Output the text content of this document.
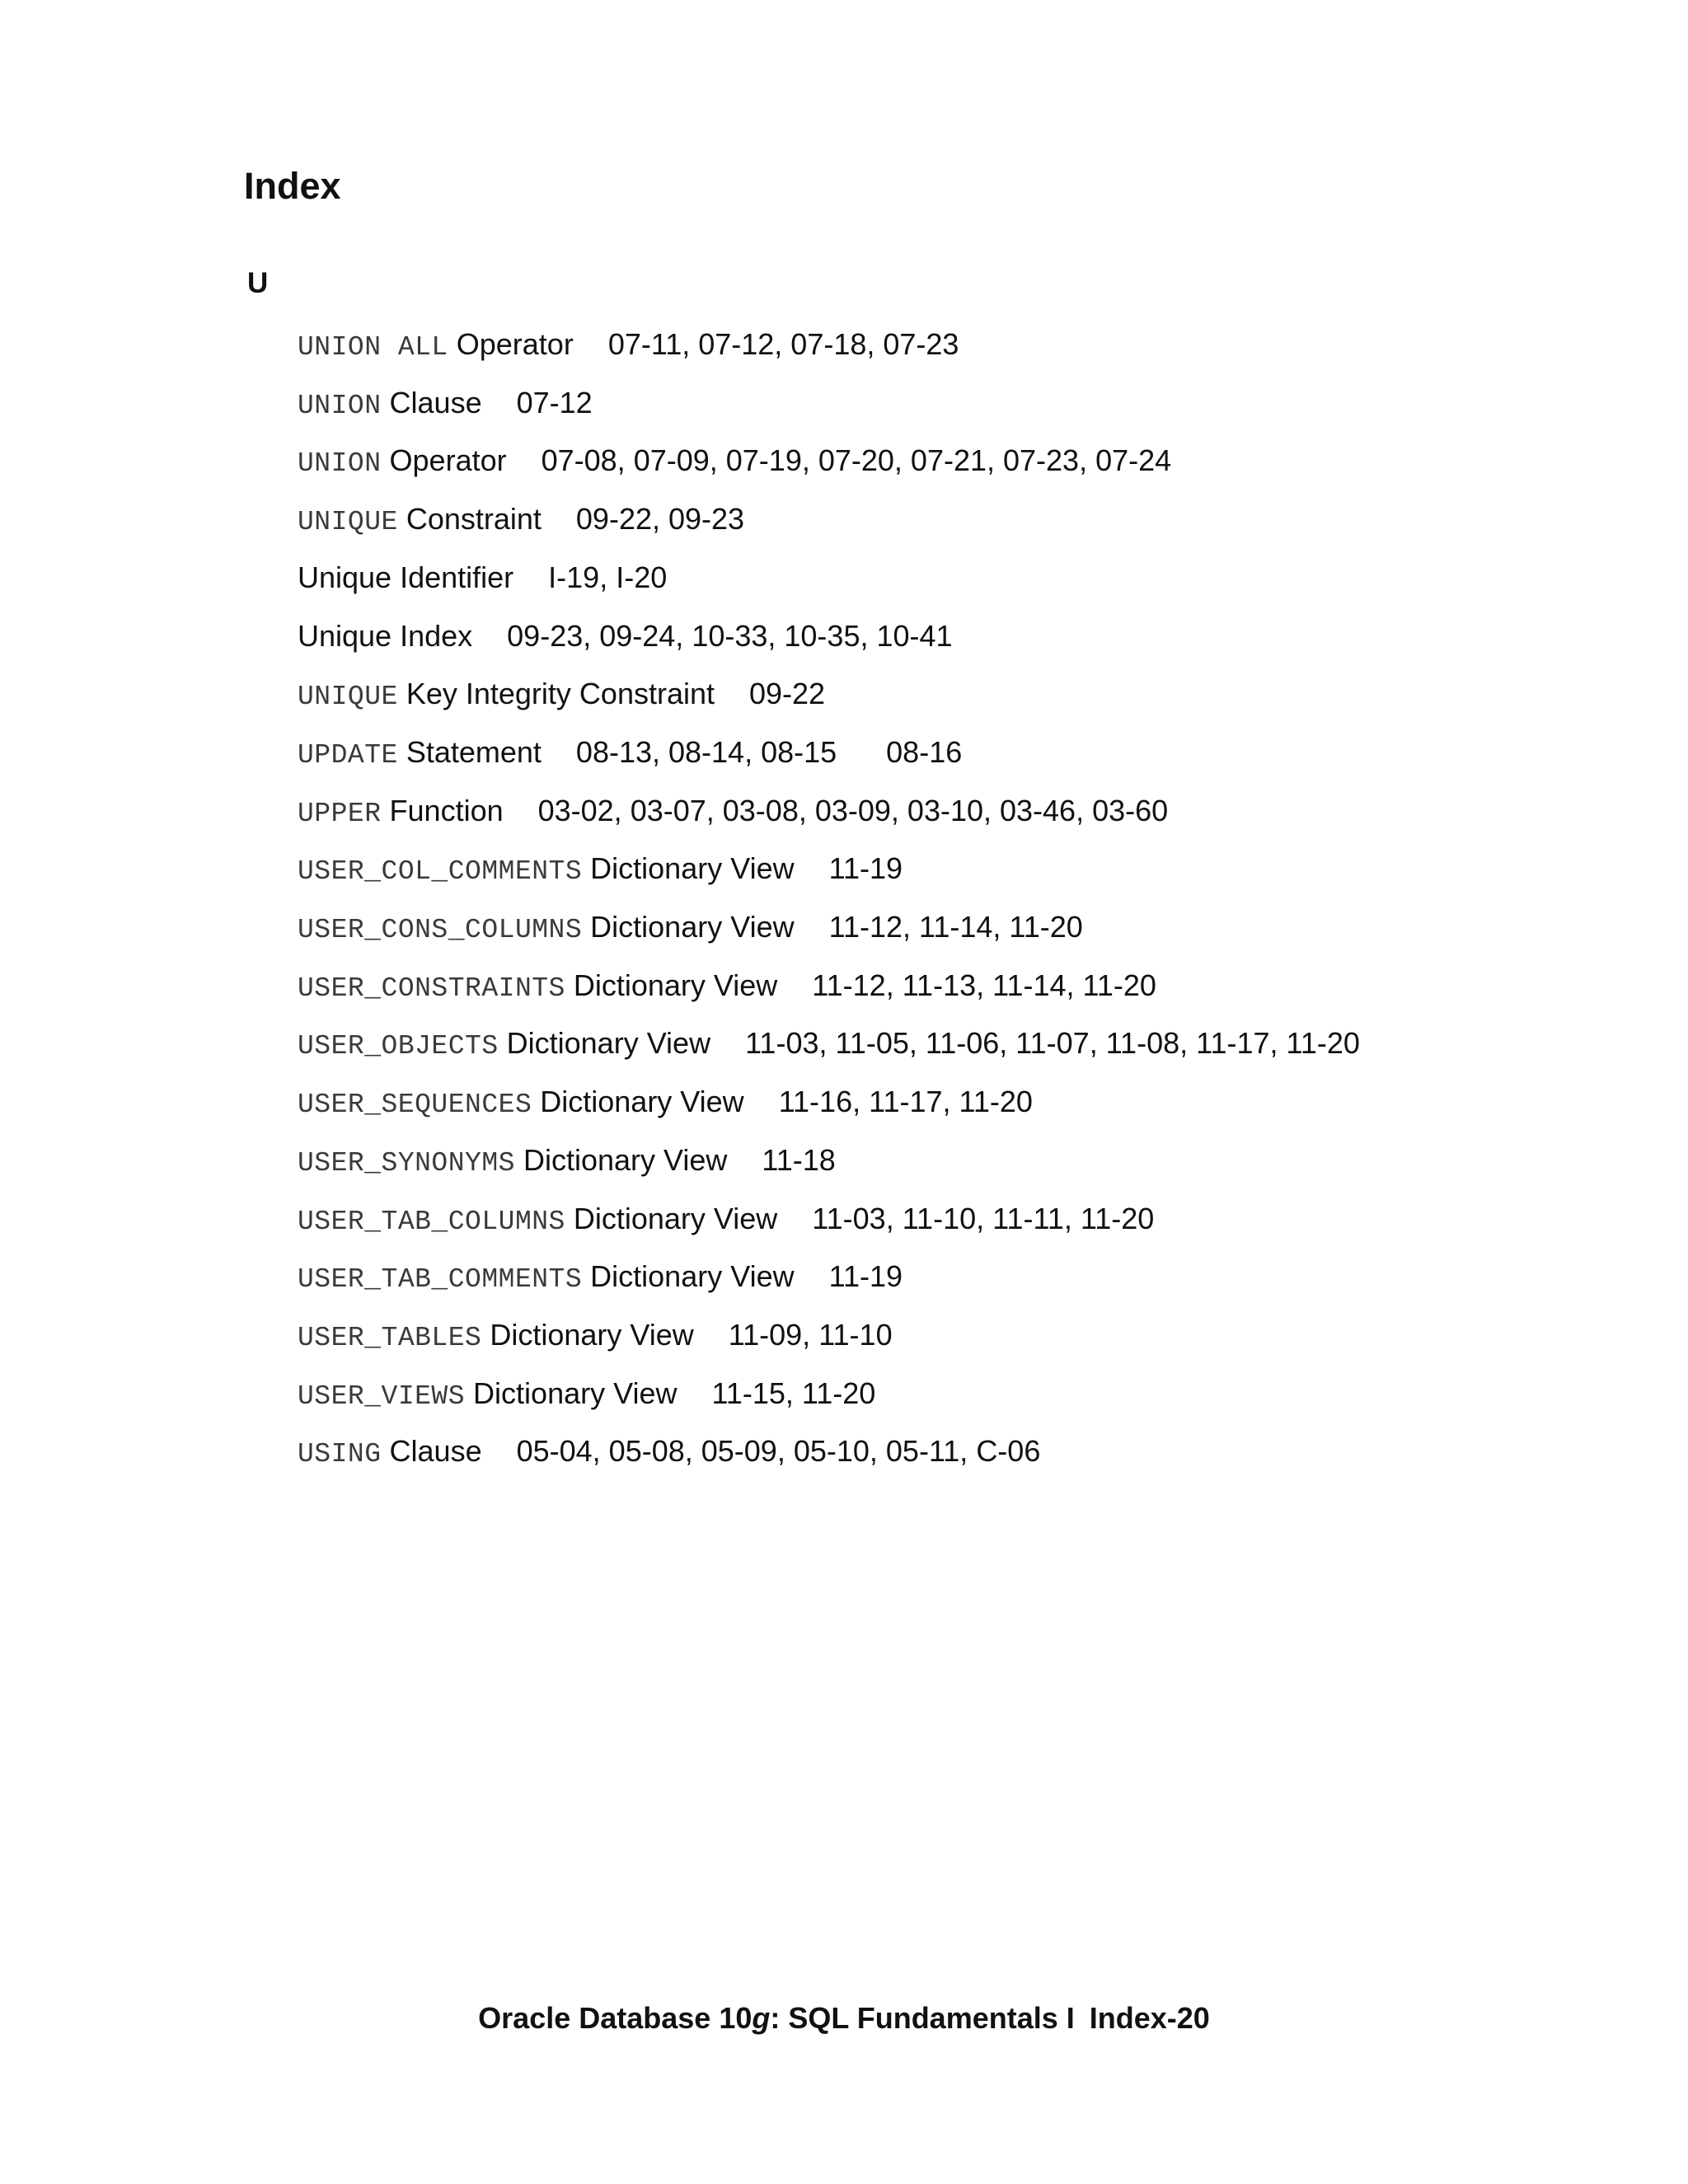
Index
U
UNION ALL Operator 07-11, 07-12, 07-18, 07-23
UNION Clause 07-12
UNION Operator 07-08, 07-09, 07-19, 07-20, 07-21, 07-23, 07-24
UNIQUE Constraint 09-22, 09-23
Unique Identifier I-19, I-20
Unique Index 09-23, 09-24, 10-33, 10-35, 10-41
UNIQUE Key Integrity Constraint 09-22
UPDATE Statement 08-13, 08-14, 08-15      08-16
UPPER Function 03-02, 03-07, 03-08, 03-09, 03-10, 03-46, 03-60
USER_COL_COMMENTS Dictionary View 11-19
USER_CONS_COLUMNS Dictionary View 11-12, 11-14, 11-20
USER_CONSTRAINTS Dictionary View 11-12, 11-13, 11-14, 11-20
USER_OBJECTS Dictionary View 11-03, 11-05, 11-06, 11-07, 11-08, 11-17, 11-20
USER_SEQUENCES Dictionary View 11-16, 11-17, 11-20
USER_SYNONYMS Dictionary View 11-18
USER_TAB_COLUMNS Dictionary View 11-03, 11-10, 11-11, 11-20
USER_TAB_COMMENTS Dictionary View 11-19
USER_TABLES Dictionary View 11-09, 11-10
USER_VIEWS Dictionary View 11-15, 11-20
USING Clause 05-04, 05-08, 05-09, 05-10, 05-11, C-06
Oracle Database 10g: SQL Fundamentals I Index-20
